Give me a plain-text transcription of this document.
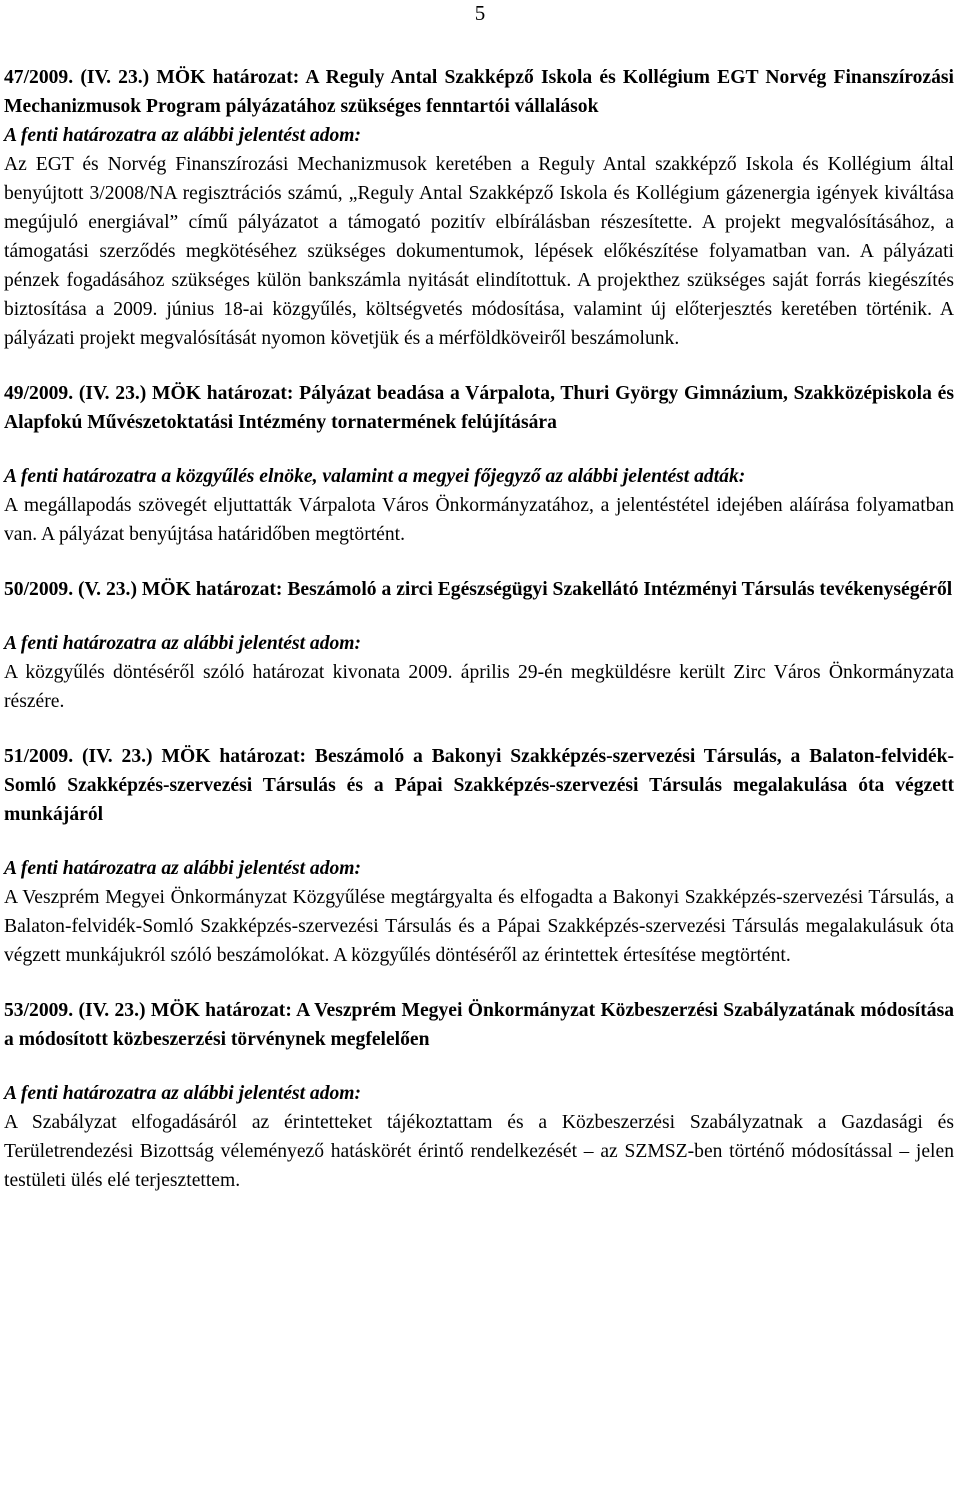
5
47/2009. (IV. 23.) MÖK határozat: A Reguly Antal Szakképző Iskola és Kollégium EGT Norvég Finanszírozási Mechanizmusok Program pályázatához szükséges fenntartói vállalások
A fenti határozatra az alábbi jelentést adom:
Az EGT és Norvég Finanszírozási Mechanizmusok keretében a Reguly Antal szakképző Iskola és Kollégium által benyújtott 3/2008/NA regisztrációs számú, „Reguly Antal Szakképző Iskola és Kollégium gázenergia igények kiváltása megújuló energiával” című pályázatot a támogató pozitív elbírálásban részesítette. A projekt megvalósításához, a támogatási szerződés megkötéséhez szükséges dokumentumok, lépések előkészítése folyamatban van. A pályázati pénzek fogadásához szükséges külön bankszámla nyitását elindítottuk. A projekthez szükséges saját forrás kiegészítés biztosítása a 2009. június 18-ai közgyűlés, költségvetés módosítása, valamint új előterjesztés keretében történik. A pályázati projekt megvalósítását nyomon követjük és a mérföldköveiről beszámolunk.
49/2009. (IV. 23.) MÖK határozat: Pályázat beadása a Várpalota, Thuri György Gimnázium, Szakközépiskola és Alapfokú Művészetoktatási Intézmény tornatermének felújítására
A fenti határozatra a közgyűlés elnöke, valamint a megyei főjegyző az alábbi jelentést adták:
A megállapodás szövegét eljuttatták Várpalota Város Önkormányzatához, a jelentéstétel idejében aláírása folyamatban van. A pályázat benyújtása határidőben megtörtént.
50/2009. (V. 23.) MÖK határozat: Beszámoló a zirci Egészségügyi Szakellátó Intézményi Társulás tevékenységéről
A fenti határozatra az alábbi jelentést adom:
A közgyűlés döntéséről szóló határozat kivonata 2009. április 29-én megküldésre került Zirc Város Önkormányzata részére.
51/2009. (IV. 23.) MÖK határozat: Beszámoló a Bakonyi Szakképzés-szervezési Társulás, a Balaton-felvidék-Somló Szakképzés-szervezési Társulás és a Pápai Szakképzés-szervezési Társulás megalakulása óta végzett munkájáról
A fenti határozatra az alábbi jelentést adom:
A Veszprém Megyei Önkormányzat Közgyűlése megtárgyalta és elfogadta a Bakonyi Szakképzés-szervezési Társulás, a Balaton-felvidék-Somló Szakképzés-szervezési Társulás és a Pápai Szakképzés-szervezési Társulás megalakulásuk óta végzett munkájukról szóló beszámolókat. A közgyűlés döntéséről az érintettek értesítése megtörtént.
53/2009. (IV. 23.) MÖK határozat: A Veszprém Megyei Önkormányzat Közbeszerzési Szabályzatának módosítása a módosított közbeszerzési törvénynek megfelelően
A fenti határozatra az alábbi jelentést adom:
A Szabályzat elfogadásáról az érintetteket tájékoztattam és a Közbeszerzési Szabályzatnak a Gazdasági és Területrendezési Bizottság véleményező hatáskörét érintő rendelkezését – az SZMSZ-ben történő módosítással – jelen testületi ülés elé terjesztettem.
